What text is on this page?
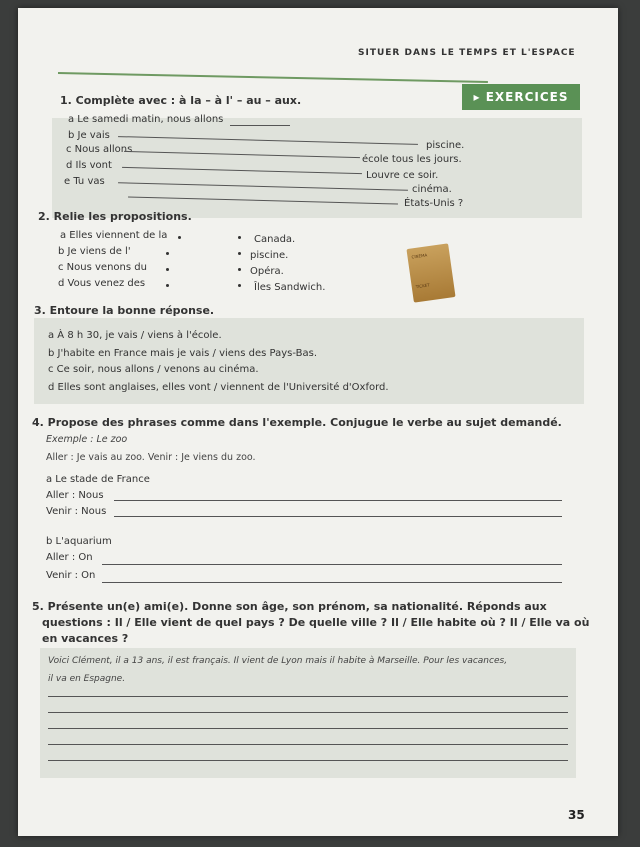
SITUER DANS LE TEMPS ET L'ESPACE
▸ EXERCICES
1. Complète avec : à la – à l' – au – aux.
a Le samedi matin, nous allons
b Je vais
piscine.
c Nous allons
école tous les jours.
d Ils vont
Louvre ce soir.
e Tu vas
cinéma.
États-Unis ?
2. Relie les propositions.
a Elles viennent de la
b Je viens de l'
c Nous venons du
d Vous venez des
Canada.
piscine.
Opéra.
Îles Sandwich.
CINEMA
TICKET
3. Entoure la bonne réponse.
a À 8 h 30, je vais / viens à l'école.
b J'habite en France mais je vais / viens des Pays-Bas.
c Ce soir, nous allons / venons au cinéma.
d Elles sont anglaises, elles vont / viennent de l'Université d'Oxford.
4. Propose des phrases comme dans l'exemple. Conjugue le verbe au sujet demandé.
Exemple : Le zoo
Aller : Je vais au zoo. Venir : Je viens du zoo.
a Le stade de France
Aller : Nous
Venir : Nous
b L'aquarium
Aller : On
Venir : On
5. Présente un(e) ami(e). Donne son âge, son prénom, sa nationalité. Réponds aux
questions : Il / Elle vient de quel pays ? De quelle ville ? Il / Elle habite où ? Il / Elle va où
en vacances ?
Voici Clément, il a 13 ans, il est français. Il vient de Lyon mais il habite à Marseille. Pour les vacances,
il va en Espagne.
35
